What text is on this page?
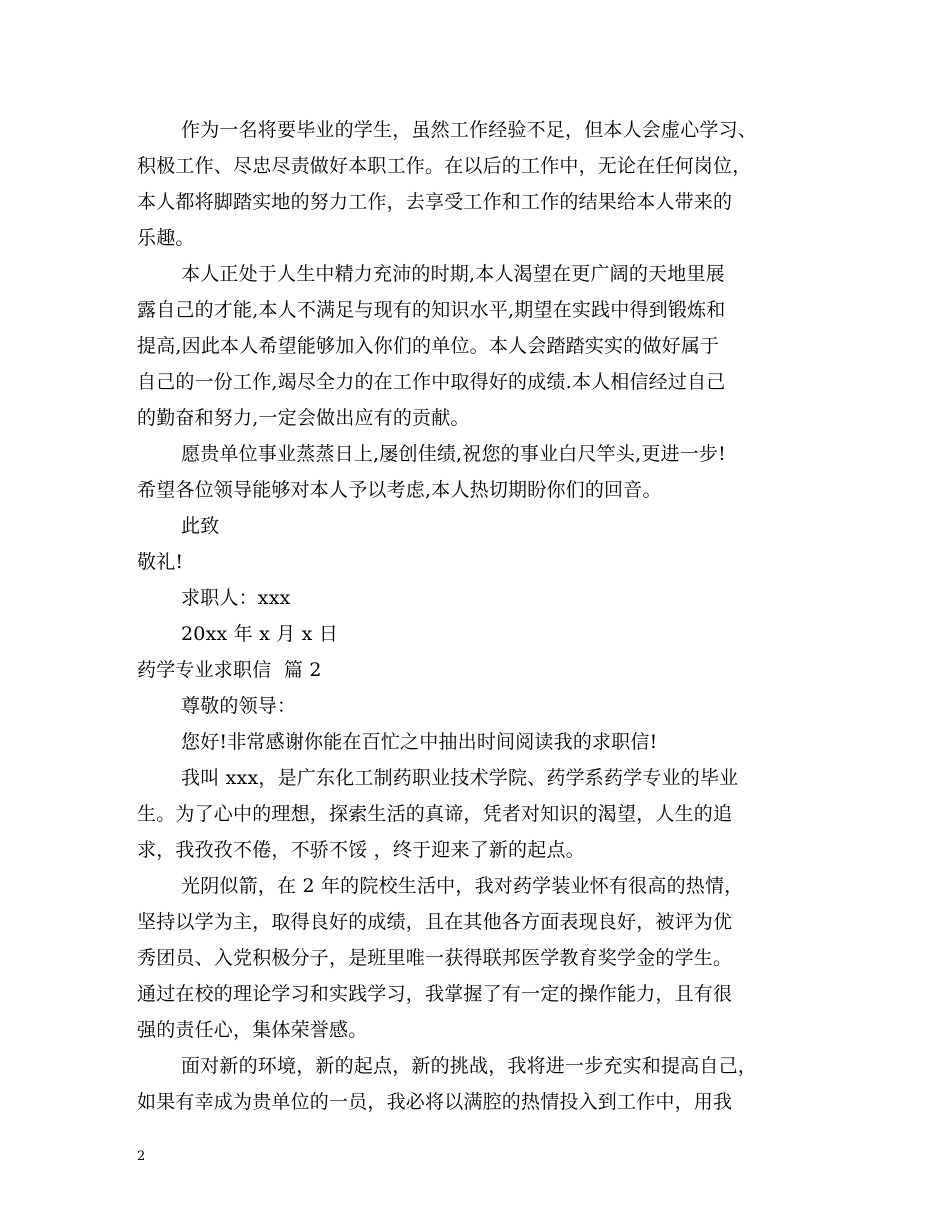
作为一名将要毕业的学生，虽然工作经验不足，但本人会虚心学习、
积极工作、尽忠尽责做好本职工作。在以后的工作中，无论在任何岗位，
本人都将脚踏实地的努力工作，去享受工作和工作的结果给本人带来的
乐趣。
本人正处于人生中精力充沛的时期,本人渴望在更广阔的天地里展
露自己的才能,本人不满足与现有的知识水平,期望在实践中得到锻炼和
提高,因此本人希望能够加入你们的单位。本人会踏踏实实的做好属于
自己的一份工作,竭尽全力的在工作中取得好的成绩.本人相信经过自己
的勤奋和努力,一定会做出应有的贡献。
愿贵单位事业蒸蒸日上,屡创佳绩,祝您的事业白尺竿头,更进一步!
希望各位领导能够对本人予以考虑,本人热切期盼你们的回音。
此致
敬礼!
求职人：xxx
20xx 年 x 月 x 日
药学专业求职信  篇 2
尊敬的领导：
您好!非常感谢你能在百忙之中抽出时间阅读我的求职信!
我叫 xxx，是广东化工制药职业技术学院、药学系药学专业的毕业
生。为了心中的理想，探索生活的真谛，凭者对知识的渴望，人生的追
求，我孜孜不倦，不骄不馁 ，终于迎来了新的起点。
光阴似箭，在 2 年的院校生活中，我对药学装业怀有很高的热情，
坚持以学为主，取得良好的成绩，且在其他各方面表现良好，被评为优
秀团员、入党积极分子，是班里唯一获得联邦医学教育奖学金的学生。
通过在校的理论学习和实践学习，我掌握了有一定的操作能力，且有很
强的责任心，集体荣誉感。
面对新的环境，新的起点，新的挑战，我将进一步充实和提高自己，
如果有幸成为贵单位的一员，我必将以满腔的热情投入到工作中，用我
2
